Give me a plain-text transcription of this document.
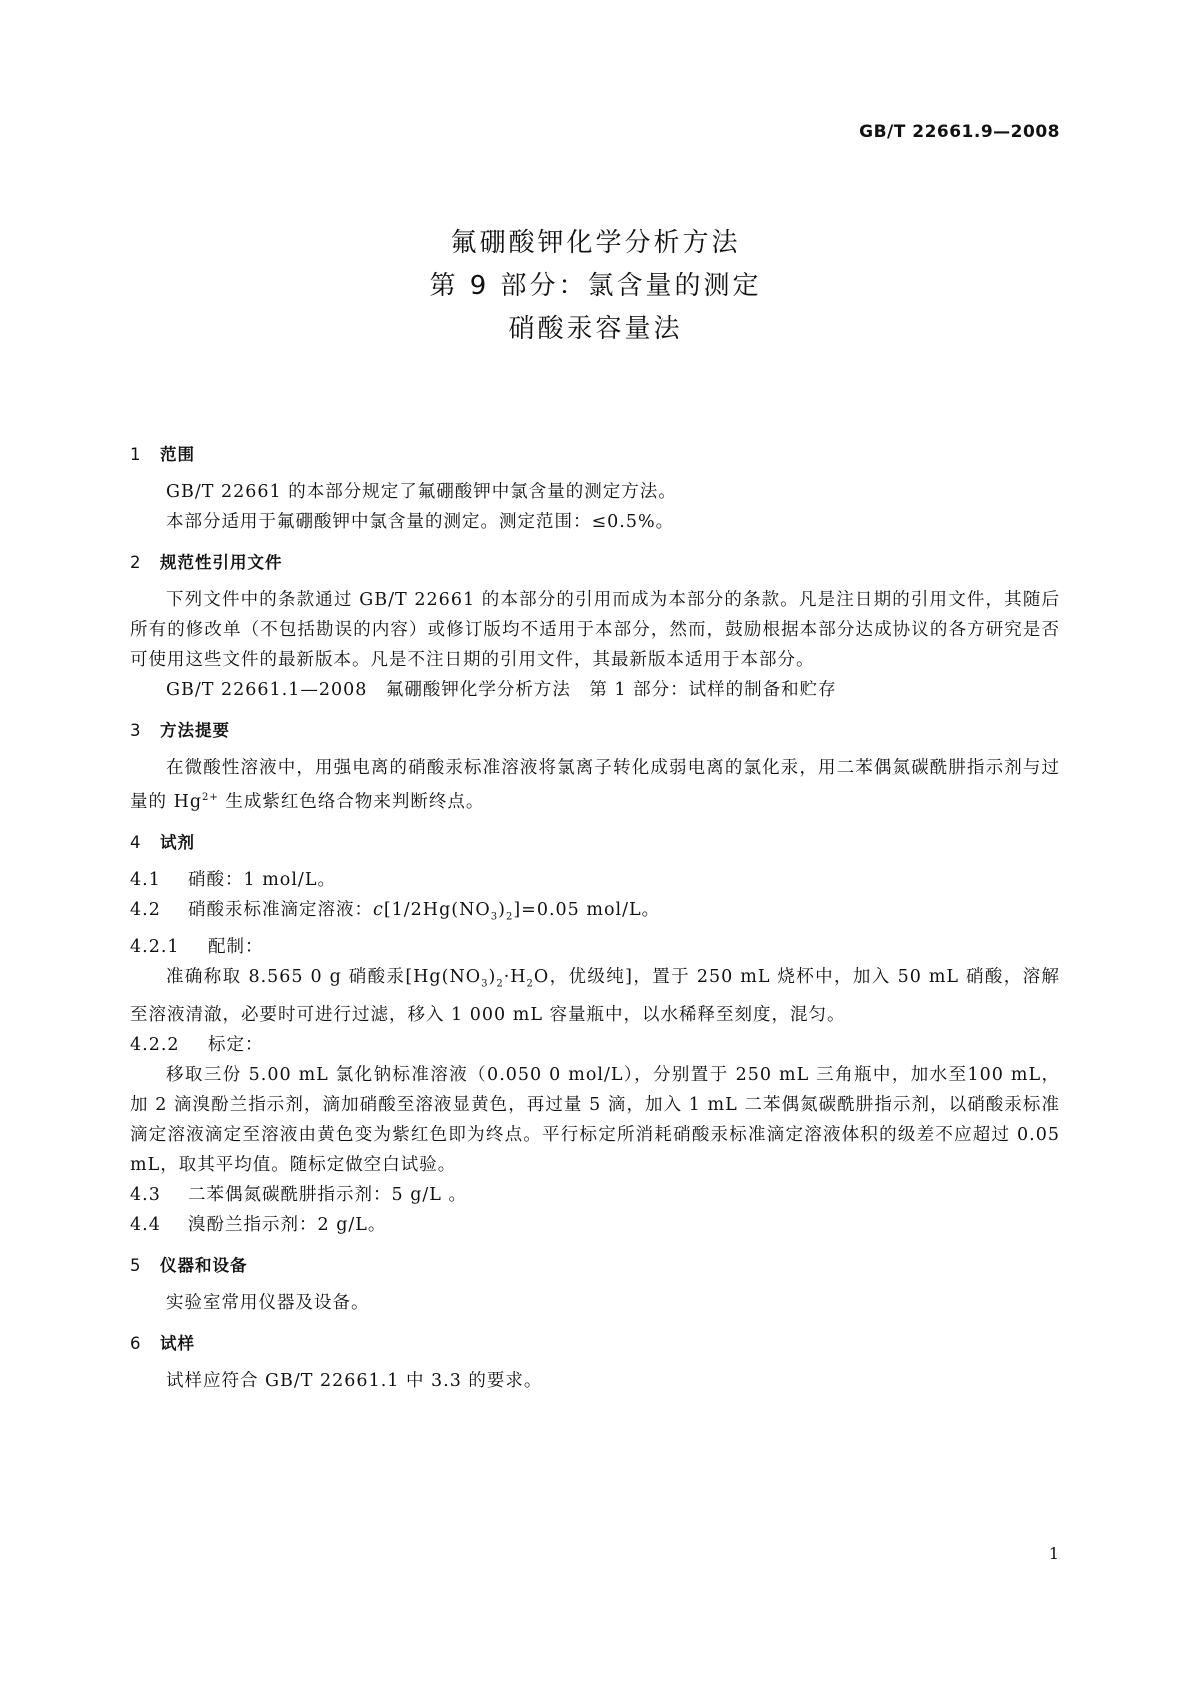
GB/T 22661.9—2008
氟硼酸钾化学分析方法
第 9 部分：氯含量的测定
硝酸汞容量法
1 范围

GB/T 22661 的本部分规定了氟硼酸钾中氯含量的测定方法。

本部分适用于氟硼酸钾中氯含量的测定。测定范围：≤0.5%。

2 规范性引用文件

下列文件中的条款通过 GB/T 22661 的本部分的引用而成为本部分的条款。凡是注日期的引用文件，其随后所有的修改单（不包括勘误的内容）或修订版均不适用于本部分，然而，鼓励根据本部分达成协议的各方研究是否可使用这些文件的最新版本。凡是不注日期的引用文件，其最新版本适用于本部分。

GB/T 22661.1—2008　氟硼酸钾化学分析方法　第 1 部分：试样的制备和贮存

3 方法提要

在微酸性溶液中，用强电离的硝酸汞标准溶液将氯离子转化成弱电离的氯化汞，用二苯偶氮碳酰肼指示剂与过量的 $Hg^{2+}$ 生成紫红色络合物来判断终点。

4 试剂

4.1 硝酸：1 mol/L。

4.2 硝酸汞标准滴定溶液：$c[1/2Hg(NO_3)_2]=0.05$ mol/L。

4.2.1 配制：

准确称取 8.565 0 g 硝酸汞[$Hg(NO_3)_2\cdot H_2O$，优级纯]，置于 250 mL 烧杯中，加入 50 mL 硝酸，溶解至溶液清澈，必要时可进行过滤，移入 1 000 mL 容量瓶中，以水稀释至刻度，混匀。

4.2.2 标定：

移取三份 5.00 mL 氯化钠标准溶液（0.050 0 mol/L），分别置于 250 mL 三角瓶中，加水至100 mL，加 2 滴溴酚兰指示剂，滴加硝酸至溶液显黄色，再过量 5 滴，加入 1 mL 二苯偶氮碳酰肼指示剂，以硝酸汞标准滴定溶液滴定至溶液由黄色变为紫红色即为终点。平行标定所消耗硝酸汞标准滴定溶液体积的级差不应超过 0.05 mL，取其平均值。随标定做空白试验。

4.3 二苯偶氮碳酰肼指示剂：5 g/L 。

4.4 溴酚兰指示剂：2 g/L。

5 仪器和设备

实验室常用仪器及设备。

6 试样

试样应符合 GB/T 22661.1 中 3.3 的要求。

1
